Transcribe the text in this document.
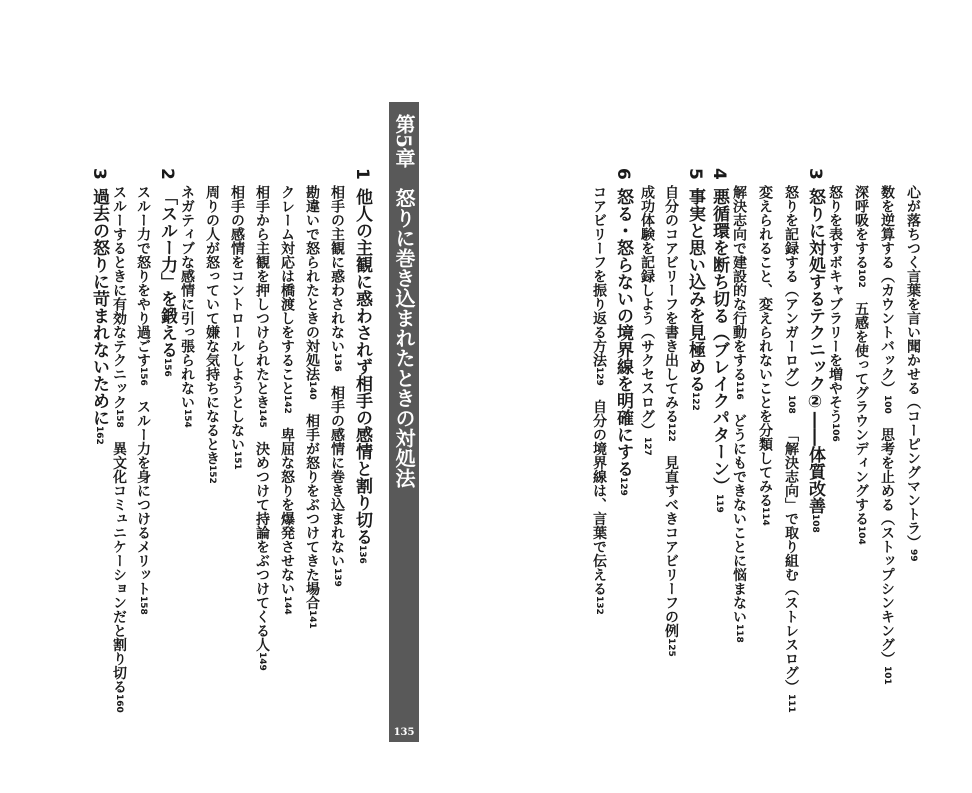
心が落ちつく言葉を言い聞かせる（コーピングマントラ）99
数を逆算する（カウントバック）100思考を止める（ストップシンキング）101
深呼吸をする102五感を使ってグラウンディングする104
怒りを表すボキャブラリーを増やそう106
3怒りに対処するテクニック②――体質改善108
怒りを記録する（アンガーログ）108「解決志向」で取り組む（ストレスログ）111
変えられること、変えられないことを分類してみる114
解決志向で建設的な行動をする116どうにもできないことに悩まない118
4悪循環を断ち切る（ブレイクパターン）119
5事実と思い込みを見極める122
自分のコアビリーフを書き出してみる122見直すべきコアビリーフの例125
成功体験を記録しよう（サクセスログ）127
6怒る・怒らないの境界線を明確にする129
コアビリーフを振り返る方法129自分の境界線は、言葉で伝える132
第5章　怒りに巻き込まれたときの対処法
135
1他人の主観に惑わされず相手の感情と割り切る136
相手の主観に惑わされない136相手の感情に巻き込まれない139
勘違いで怒られたときの対処法140相手が怒りをぶつけてきた場合141
クレーム対応は橋渡しをすること142卑屈な怒りを爆発させない144
相手から主観を押しつけられたとき145決めつけて持論をぶつけてくる人149
相手の感情をコントロールしようとしない151
周りの人が怒っていて嫌な気持ちになるとき152
ネガティブな感情に引っ張られない154
2「スルー力」を鍛える156
スルー力で怒りをやり過ごす156スルー力を身につけるメリット158
スルーするときに有効なテクニック158異文化コミュニケーションだと割り切る160
3過去の怒りに苛まれないために162
